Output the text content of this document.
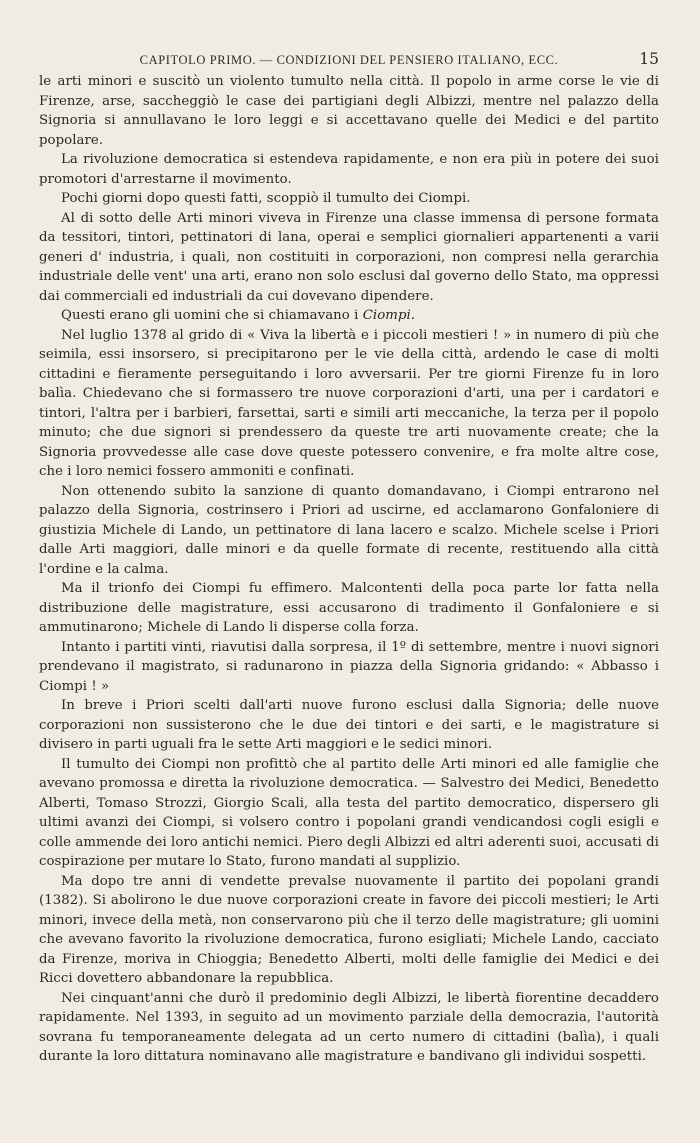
CAPITOLO PRIMO. — CONDIZIONI DEL PENSIERO ITALIANO, ECC.	15

le arti minori e suscitò un violento tumulto nella città. Il popolo in arme corse le vie di Firenze, arse, saccheggiò le case dei partigiani degli Albizzi, mentre nel palazzo della Signoria si annullavano le loro leggi e si accettavano quelle dei Medici e del partito popolare.

La rivoluzione democratica si estendeva rapidamente, e non era più in potere dei suoi promotori d'arrestarne il movimento.

Pochi giorni dopo questi fatti, scoppiò il tumulto dei Ciompi.

Al di sotto delle Arti minori viveva in Firenze una classe immensa di persone formata da tessitori, tintori, pettinatori di lana, operai e semplici giornalieri appartenenti a varii generi d' industria, i quali, non costituiti in corporazioni, non compresi nella gerarchia industriale delle vent' una arti, erano non solo esclusi dal governo dello Stato, ma oppressi dai commerciali ed industriali da cui dovevano dipendere.

Questi erano gli uomini che si chiamavano i Ciompi.

Nel luglio 1378 al grido di « Viva la libertà e i piccoli mestieri ! » in numero di più che seimila, essi insorsero, si precipitarono per le vie della città, ardendo le case di molti cittadini e fieramente perseguitando i loro avversarii. Per tre giorni Firenze fu in loro balìa. Chiedevano che si formassero tre nuove corporazioni d'arti, una per i cardatori e tintori, l'altra per i barbieri, farsettai, sarti e simili arti meccaniche, la terza per il popolo minuto; che due signori si prendessero da queste tre arti nuovamente create; che la Signoria provvedesse alle case dove queste potessero convenire, e fra molte altre cose, che i loro nemici fossero ammoniti e confinati.

Non ottenendo subito la sanzione di quanto domandavano, i Ciompi entrarono nel palazzo della Signoria, costrinsero i Priori ad uscirne, ed acclamarono Gonfaloniere di giustizia Michele di Lando, un pettinatore di lana lacero e scalzo. Michele scelse i Priori dalle Arti maggiori, dalle minori e da quelle formate di recente, restituendo alla città l'ordine e la calma.

Ma il trionfo dei Ciompi fu effimero. Malcontenti della poca parte lor fatta nella distribuzione delle magistrature, essi accusarono di tradimento il Gonfaloniere e si ammutinarono; Michele di Lando li disperse colla forza.

Intanto i partiti vinti, riavutisi dalla sorpresa, il 1º di settembre, mentre i nuovi signori prendevano il magistrato, si radunarono in piazza della Signoria gridando: « Abbasso i Ciompi ! »

In breve i Priori scelti dall'arti nuove furono esclusi dalla Signoria; delle nuove corporazioni non sussisterono che le due dei tintori e dei sarti, e le magistrature si divisero in parti uguali fra le sette Arti maggiori e le sedici minori.

Il tumulto dei Ciompi non profittò che al partito delle Arti minori ed alle famiglie che avevano promossa e diretta la rivoluzione democratica. — Salvestro dei Medici, Benedetto Alberti, Tomaso Strozzi, Giorgio Scali, alla testa del partito democratico, dispersero gli ultimi avanzi dei Ciompi, si volsero contro i popolani grandi vendicandosi cogli esigli e colle ammende dei loro antichi nemici. Piero degli Albizzi ed altri aderenti suoi, accusati di cospirazione per mutare lo Stato, furono mandati al supplizio.

Ma dopo tre anni di vendette prevalse nuovamente il partito dei popolani grandi (1382). Si abolirono le due nuove corporazioni create in favore dei piccoli mestieri; le Arti minori, invece della metà, non conservarono più che il terzo delle magistrature; gli uomini che avevano favorito la rivoluzione democratica, furono esigliati; Michele Lando, cacciato da Firenze, moriva in Chioggia; Benedetto Alberti, molti delle famiglie dei Medici e dei Ricci dovettero abbandonare la repubblica.

Nei cinquant'anni che durò il predominio degli Albizzi, le libertà fiorentine decaddero rapidamente. Nel 1393, in seguito ad un movimento parziale della democrazia, l'autorità sovrana fu temporaneamente delegata ad un certo numero di cittadini (balìa), i quali durante la loro dittatura nominavano alle magistrature e bandivano gli individui sospetti.
